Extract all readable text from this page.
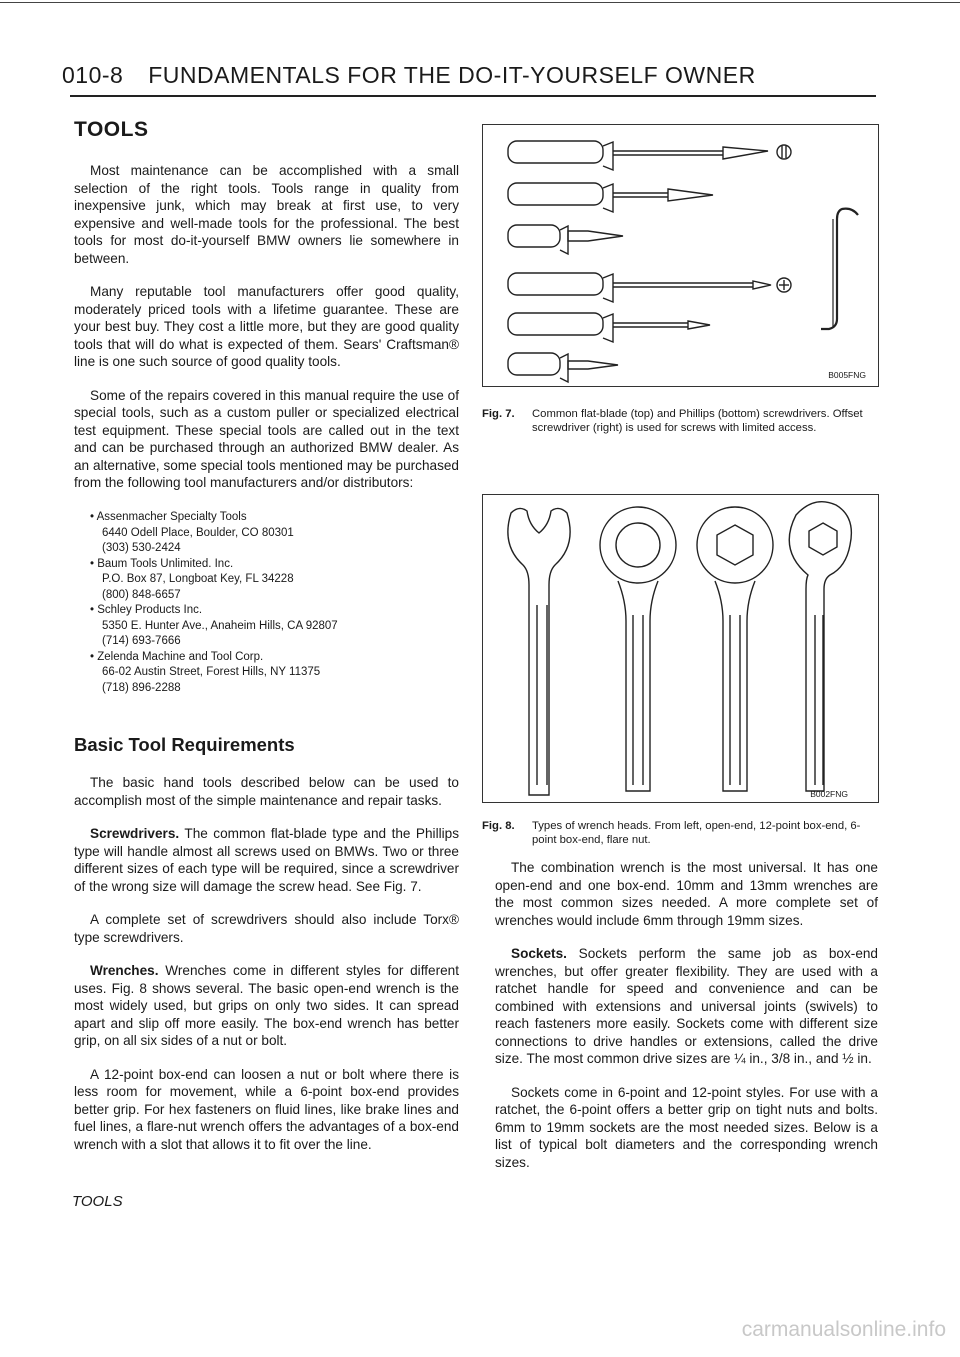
010-8 FUNDAMENTALS FOR THE DO-IT-YOURSELF OWNER
TOOLS

Most maintenance can be accomplished with a small selection of the right tools. Tools range in quality from inexpensive junk, which may break at first use, to very expensive and well-made tools for the professional. The best tools for most do-it-yourself BMW owners lie somewhere in between.

Many reputable tool manufacturers offer good quality, moderately priced tools with a lifetime guarantee. These are your best buy. They cost a little more, but they are good quality tools that will do what is expected of them. Sears' Craftsman® line is one such source of good quality tools.

Some of the repairs covered in this manual require the use of special tools, such as a custom puller or specialized electrical test equipment. These special tools are called out in the text and can be purchased through an authorized BMW dealer. As an alternative, some special tools mentioned may be purchased from the following tool manufacturers and/or distributors:

• Assenmacher Specialty Tools
6440 Odell Place, Boulder, CO 80301
(303) 530-2424
• Baum Tools Unlimited. Inc.
P.O. Box 87, Longboat Key, FL 34228
(800) 848-6657
• Schley Products Inc.
5350 E. Hunter Ave., Anaheim Hills, CA 92807
(714) 693-7666
• Zelenda Machine and Tool Corp.
66-02 Austin Street, Forest Hills, NY 11375
(718) 896-2288
Basic Tool Requirements

The basic hand tools described below can be used to accomplish most of the simple maintenance and repair tasks.

Screwdrivers. The common flat-blade type and the Phillips type will handle almost all screws used on BMWs. Two or three different sizes of each type will be required, since a screwdriver of the wrong size will damage the screw head. See Fig. 7.

A complete set of screwdrivers should also include Torx® type screwdrivers.

Wrenches. Wrenches come in different styles for different uses. Fig. 8 shows several. The basic open-end wrench is the most widely used, but grips on only two sides. It can spread apart and slip off more easily. The box-end wrench has better grip, on all six sides of a nut or bolt.

A 12-point box-end can loosen a nut or bolt where there is less room for movement, while a 6-point box-end provides better grip. For hex fasteners on fluid lines, like brake lines and fuel lines, a flare-nut wrench offers the advantages of a box-end wrench with a slot that allows it to fit over the line.

B005FNG
Fig. 7.	Common flat-blade (top) and Phillips (bottom) screwdrivers. Offset screwdriver (right) is used for screws with limited access.
B002FNG
Fig. 8.	Types of wrench heads. From left, open-end, 12-point box-end, 6-point box-end, flare nut.

The combination wrench is the most universal. It has one open-end and one box-end. 10mm and 13mm wrenches are the most common sizes needed. A more complete set of wrenches would include 6mm through 19mm sizes.

Sockets. Sockets perform the same job as box-end wrenches, but offer greater flexibility. They are used with a ratchet handle for speed and convenience and can be combined with extensions and universal joints (swivels) to reach fasteners more easily. Sockets come with different size connections to drive handles or extensions, called the drive size. The most common drive sizes are ¼ in., 3/8 in., and ½ in.

Sockets come in 6-point and 12-point styles. For use with a ratchet, the 6-point offers a better grip on tight nuts and bolts. 6mm to 19mm sockets are the most needed sizes. Below is a list of typical bolt diameters and the corresponding wrench sizes.

TOOLS
carmanualsonline.info
